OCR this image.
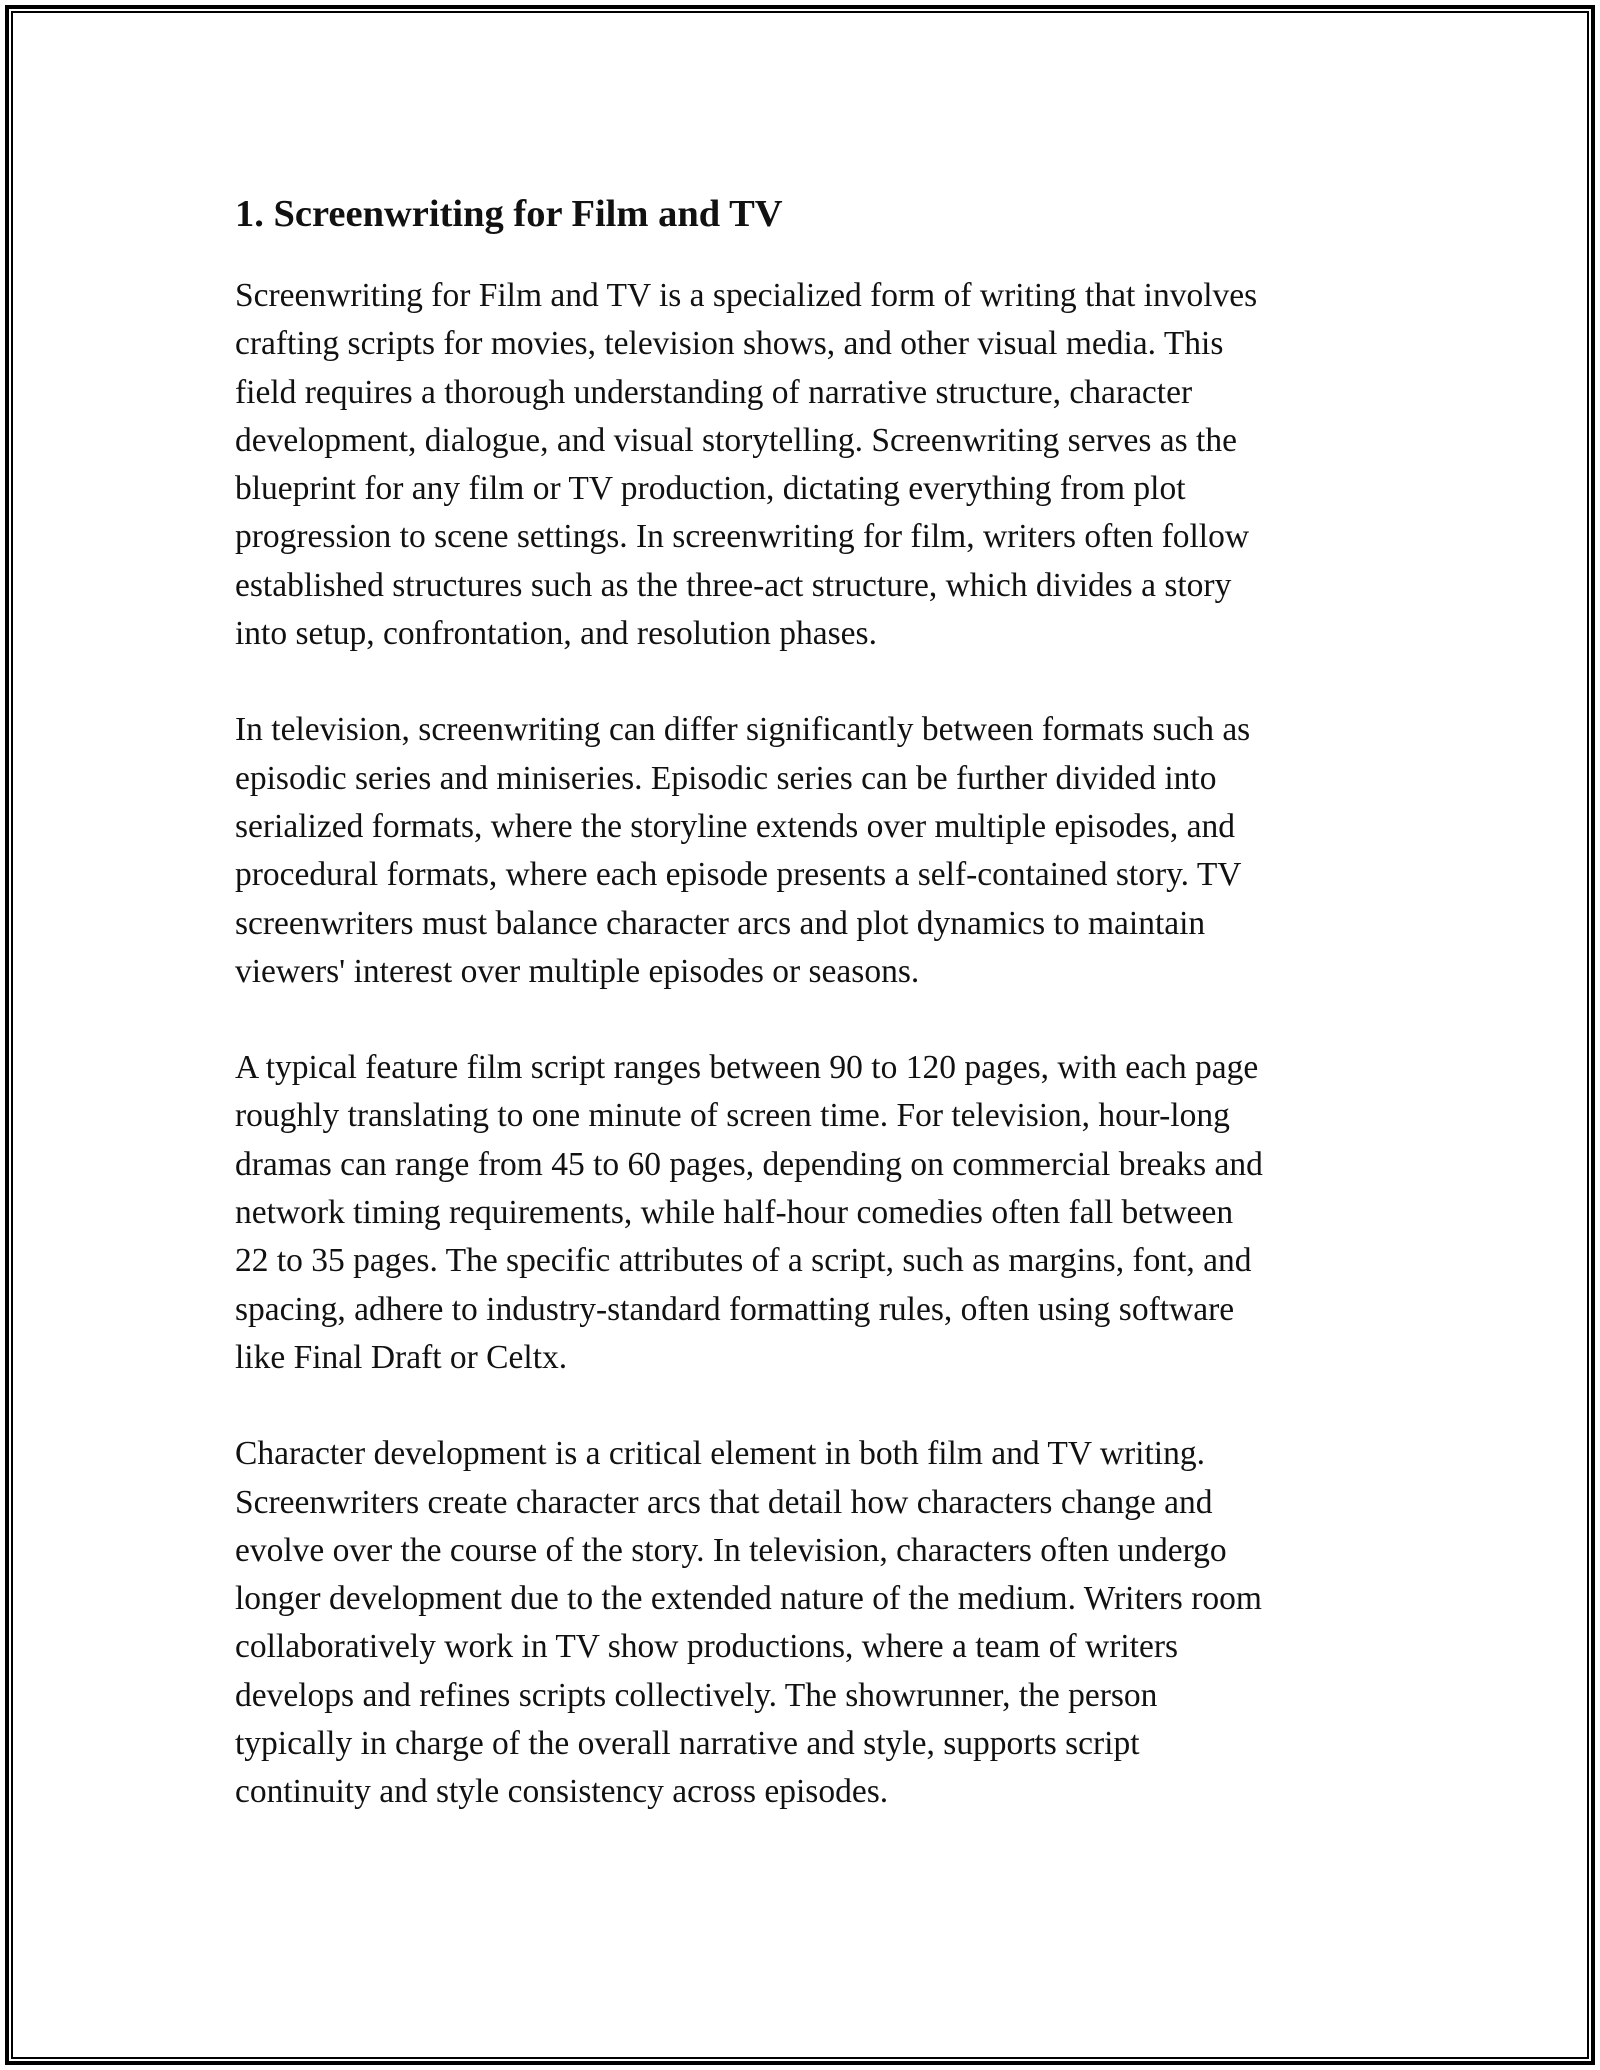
1. Screenwriting for Film and TV

Screenwriting for Film and TV is a specialized form of writing that involves
crafting scripts for movies, television shows, and other visual media. This
field requires a thorough understanding of narrative structure, character
development, dialogue, and visual storytelling. Screenwriting serves as the
blueprint for any film or TV production, dictating everything from plot
progression to scene settings. In screenwriting for film, writers often follow
established structures such as the three-act structure, which divides a story
into setup, confrontation, and resolution phases.

In television, screenwriting can differ significantly between formats such as
episodic series and miniseries. Episodic series can be further divided into
serialized formats, where the storyline extends over multiple episodes, and
procedural formats, where each episode presents a self-contained story. TV
screenwriters must balance character arcs and plot dynamics to maintain
viewers' interest over multiple episodes or seasons.

A typical feature film script ranges between 90 to 120 pages, with each page
roughly translating to one minute of screen time. For television, hour-long
dramas can range from 45 to 60 pages, depending on commercial breaks and
network timing requirements, while half-hour comedies often fall between
22 to 35 pages. The specific attributes of a script, such as margins, font, and
spacing, adhere to industry-standard formatting rules, often using software
like Final Draft or Celtx.

Character development is a critical element in both film and TV writing.
Screenwriters create character arcs that detail how characters change and
evolve over the course of the story. In television, characters often undergo
longer development due to the extended nature of the medium. Writers room
collaboratively work in TV show productions, where a team of writers
develops and refines scripts collectively. The showrunner, the person
typically in charge of the overall narrative and style, supports script
continuity and style consistency across episodes.
